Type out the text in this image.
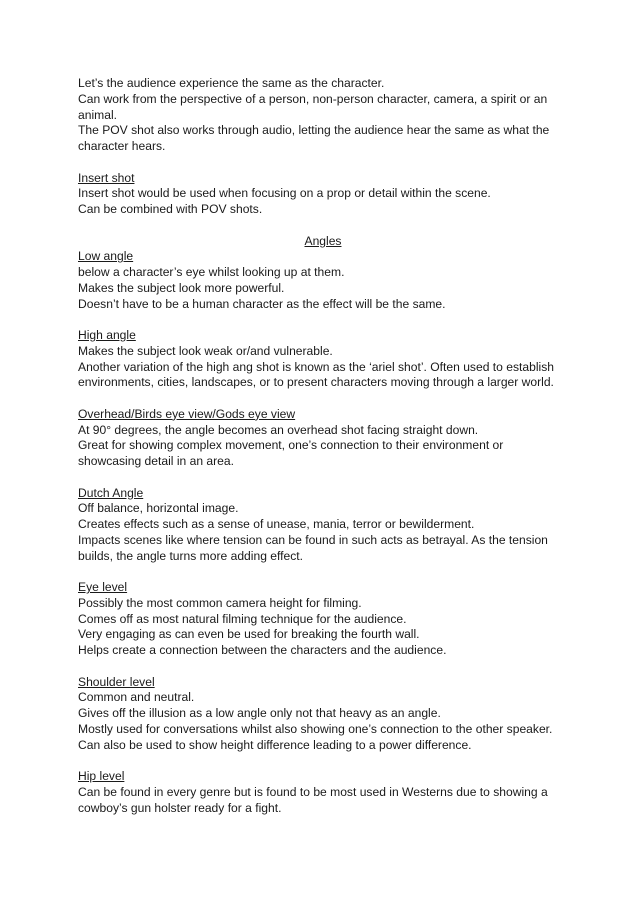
Let’s the audience experience the same as the character.

Can work from the perspective of a person, non-person character, camera, a spirit or an animal.

The POV shot also works through audio, letting the audience hear the same as what the character hears.

Insert shot

Insert shot would be used when focusing on a prop or detail within the scene.

Can be combined with POV shots.

Angles

Low angle

below a character’s eye whilst looking up at them.

Makes the subject look more powerful.

Doesn’t have to be a human character as the effect will be the same.

High angle

Makes the subject look weak or/and vulnerable.

Another variation of the high ang shot is known as the ‘ariel shot’. Often used to establish environments, cities, landscapes, or to present characters moving through a larger world.

Overhead/Birds eye view/Gods eye view

At 90° degrees, the angle becomes an overhead shot facing straight down.

Great for showing complex movement, one’s connection to their environment or showcasing detail in an area.

Dutch Angle

Off balance, horizontal image.

Creates effects such as a sense of unease, mania, terror or bewilderment.

Impacts scenes like where tension can be found in such acts as betrayal. As the tension builds, the angle turns more adding effect.

Eye level

Possibly the most common camera height for filming.

Comes off as most natural filming technique for the audience.

Very engaging as can even be used for breaking the fourth wall.

Helps create a connection between the characters and the audience.

Shoulder level

Common and neutral.

Gives off the illusion as a low angle only not that heavy as an angle.

Mostly used for conversations whilst also showing one’s connection to the other speaker.

Can also be used to show height difference leading to a power difference.

Hip level

Can be found in every genre but is found to be most used in Westerns due to showing a cowboy’s gun holster ready for a fight.
